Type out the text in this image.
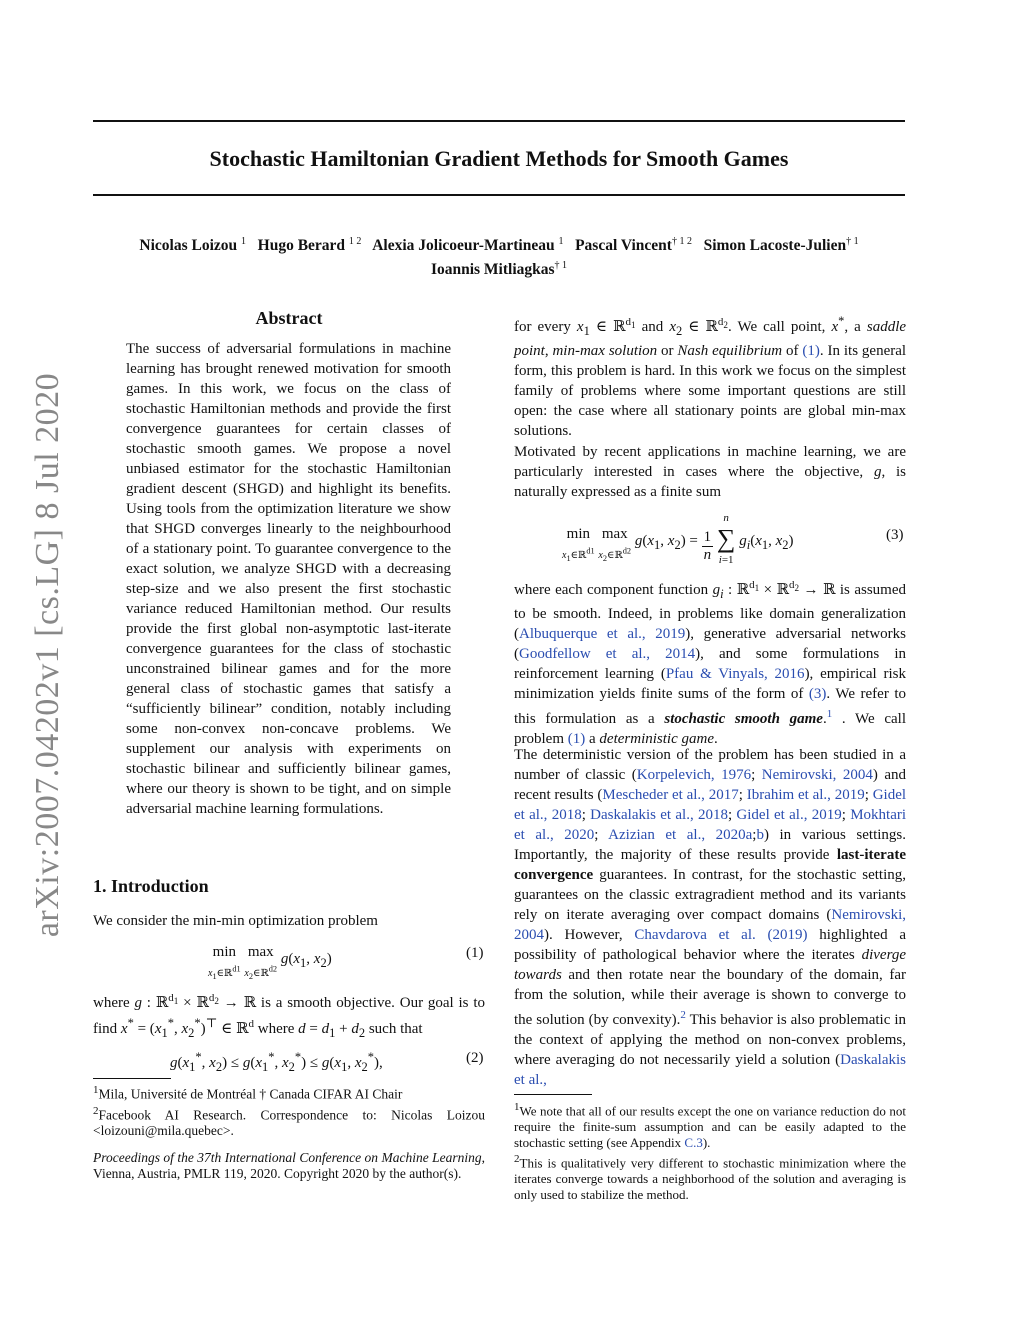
Stochastic Hamiltonian Gradient Methods for Smooth Games
Nicolas Loizou $^1$ Hugo Berard $^{1 2}$ Alexia Jolicoeur-Martineau $^1$ Pascal Vincent$^{\dagger 1 2}$ Simon Lacoste-Julien$^{\dagger 1}$
Ioannis Mitliagkas$^{\dagger 1}$
arXiv:2007.04202v1 [cs.LG] 8 Jul 2020
Abstract
The success of adversarial formulations in machine learning has brought renewed motivation for smooth games. In this work, we focus on the class of stochastic Hamiltonian methods and provide the first convergence guarantees for certain classes of stochastic smooth games. We propose a novel unbiased estimator for the stochastic Hamiltonian gradient descent (SHGD) and highlight its benefits. Using tools from the optimization literature we show that SHGD converges linearly to the neighbourhood of a stationary point. To guarantee convergence to the exact solution, we analyze SHGD with a decreasing step-size and we also present the first stochastic variance reduced Hamiltonian method. Our results provide the first global non-asymptotic last-iterate convergence guarantees for the class of stochastic unconstrained bilinear games and for the more general class of stochastic games that satisfy a “sufficiently bilinear” condition, notably including some non-convex non-concave problems. We supplement our analysis with experiments on stochastic bilinear and sufficiently bilinear games, where our theory is shown to be tight, and on simple adversarial machine learning formulations.
1. Introduction
We consider the min-min optimization problem
min
$_{x_1\in ℝ^{d1}}$ max
$_{x_2\in ℝ^{d2}}$ $g(x_1$, $x_2$)	(1)
where g : ℝ$^{d_1}$ × ℝ$^{d_2}$ → ℝ is a smooth objective. Our goal is to find $x^* = (x_1^*$, $x_2^*)^⊤$ ∈ ℝ$^d$ where $d = d_1 + d_2$ such that
$g(x_1^*$, $x_2) \le g(x_1^*$, $x_2^*) \le g(x_1$, $x_2^*$),	(2)
$^1$Mila, Université de Montréal † Canada CIFAR AI Chair
$^2$Facebook AI Research. Correspondence to: Nicolas Loizou <loizouni@mila.quebec>.
Proceedings of the 37th International Conference on Machine Learning, Vienna, Austria, PMLR 119, 2020. Copyright 2020 by the author(s).
for every $x_1$ ∈ ℝ$^{d_1}$ and $x_2$ ∈ ℝ$^{d_2}$. We call point, x*, a saddle point, min-max solution or Nash equilibrium of (1). In its general form, this problem is hard. In this work we focus on the simplest family of problems where some important questions are still open: the case where all stationary points are global min-max solutions.
Motivated by recent applications in machine learning, we are particularly interested in cases where the objective, g, is naturally expressed as a finite sum
min
$_{x_1\in ℝ^{d1}}$ max
$_{x_2\in ℝ^{d2}}$ $g(x_1$, $x_2) = \frac{1}{n}$ n
∑
i=1 $g_i(x_1$, $x_2$)	(3)
where each component function $g_i$ : ℝ$^{d_1}$ × ℝ$^{d_2}$ → ℝ is assumed to be smooth. Indeed, in problems like domain generalization (Albuquerque et al., 2019), generative adversarial networks (Goodfellow et al., 2014), and some formulations in reinforcement learning (Pfau & Vinyals, 2016), empirical risk minimization yields finite sums of the form of (3). We refer to this formulation as a stochastic smooth game.$^1$ . We call problem (1) a deterministic game.
The deterministic version of the problem has been studied in a number of classic (Korpelevich, 1976; Nemirovski, 2004) and recent results (Mescheder et al., 2017; Ibrahim et al., 2019; Gidel et al., 2018; Daskalakis et al., 2018; Gidel et al., 2019; Mokhtari et al., 2020; Azizian et al., 2020a;b) in various settings. Importantly, the majority of these results provide last-iterate convergence guarantees. In contrast, for the stochastic setting, guarantees on the classic extragradient method and its variants rely on iterate averaging over compact domains (Nemirovski, 2004). However, Chavdarova et al. (2019) highlighted a possibility of pathological behavior where the iterates diverge towards and then rotate near the boundary of the domain, far from the solution, while their average is shown to converge to the solution (by convexity).$^2$ This behavior is also problematic in the context of applying the method on non-convex problems, where averaging do not necessarily yield a solution (Daskalakis et al.,
$^1$We note that all of our results except the one on variance reduction do not require the finite-sum assumption and can be easily adapted to the stochastic setting (see Appendix C.3).
$^2$This is qualitatively very different to stochastic minimization where the iterates converge towards a neighborhood of the solution and averaging is only used to stabilize the method.
